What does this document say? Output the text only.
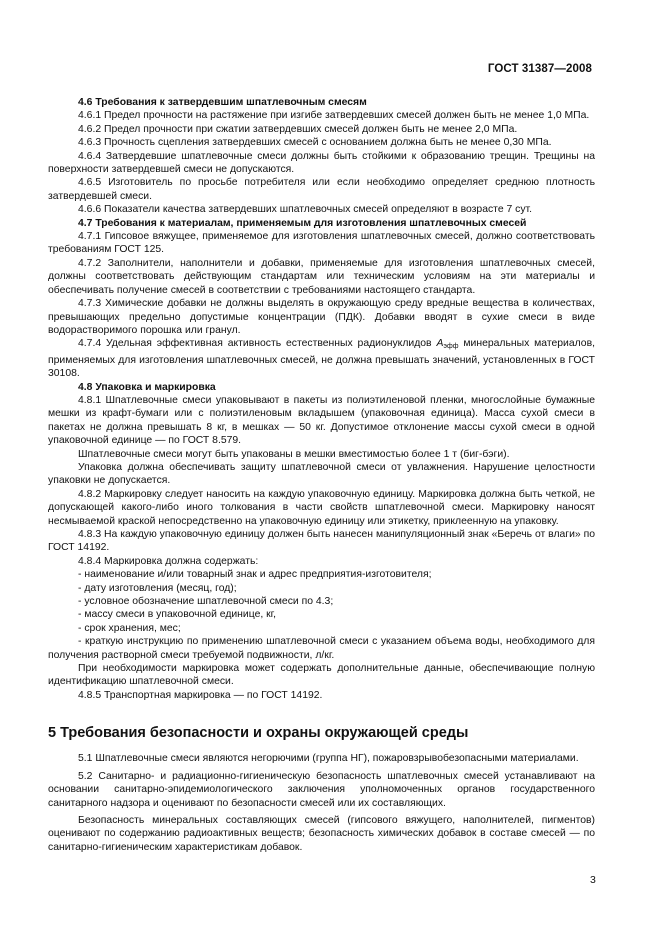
ГОСТ 31387—2008

4.6 Требования к затвердевшим шпатлевочным смесям

4.6.1 Предел прочности на растяжение при изгибе затвердевших смесей должен быть не менее 1,0 МПа.

4.6.2 Предел прочности при сжатии затвердевших смесей должен быть не менее 2,0 МПа.

4.6.3 Прочность сцепления затвердевших смесей с основанием должна быть не менее 0,30 МПа.

4.6.4 Затвердевшие шпатлевочные смеси должны быть стойкими к образованию трещин. Трещины на поверхности затвердевшей смеси не допускаются.

4.6.5 Изготовитель по просьбе потребителя или если необходимо определяет среднюю плотность затвердевшей смеси.

4.6.6 Показатели качества затвердевших шпатлевочных смесей определяют в возрасте 7 сут.

4.7 Требования к материалам, применяемым для изготовления шпатлевочных смесей

4.7.1 Гипсовое вяжущее, применяемое для изготовления шпатлевочных смесей, должно соответствовать требованиям ГОСТ 125.

4.7.2 Заполнители, наполнители и добавки, применяемые для изготовления шпатлевочных смесей, должны соответствовать действующим стандартам или техническим условиям на эти материалы и обеспечивать получение смесей в соответствии с требованиями настоящего стандарта.

4.7.3 Химические добавки не должны выделять в окружающую среду вредные вещества в количествах, превышающих предельно допустимые концентрации (ПДК). Добавки вводят в сухие смеси в виде водорастворимого порошка или гранул.

4.7.4 Удельная эффективная активность естественных радионуклидов $A_{эфф}$ минеральных материалов, применяемых для изготовления шпатлевочных смесей, не должна превышать значений, установленных в ГОСТ 30108.

4.8 Упаковка и маркировка

4.8.1 Шпатлевочные смеси упаковывают в пакеты из полиэтиленовой пленки, многослойные бумажные мешки из крафт-бумаги или с полиэтиленовым вкладышем (упаковочная единица). Масса сухой смеси в пакетах не должна превышать 8 кг, в мешках — 50 кг. Допустимое отклонение массы сухой смеси в одной упаковочной единице — по ГОСТ 8.579.

Шпатлевочные смеси могут быть упакованы в мешки вместимостью более 1 т (биг-бэги).

Упаковка должна обеспечивать защиту шпатлевочной смеси от увлажнения. Нарушение целостности упаковки не допускается.

4.8.2 Маркировку следует наносить на каждую упаковочную единицу. Маркировка должна быть четкой, не допускающей какого-либо иного толкования в части свойств шпатлевочной смеси. Маркировку наносят несмываемой краской непосредственно на упаковочную единицу или этикетку, приклеенную на упаковку.

4.8.3 На каждую упаковочную единицу должен быть нанесен манипуляционный знак «Беречь от влаги» по ГОСТ 14192.

4.8.4 Маркировка должна содержать:

- наименование и/или товарный знак и адрес предприятия-изготовителя;

- дату изготовления (месяц, год);

- условное обозначение шпатлевочной смеси по 4.3;

- массу смеси в упаковочной единице, кг,

- срок хранения, мес;

- краткую инструкцию по применению шпатлевочной смеси с указанием объема воды, необходимого для получения растворной смеси требуемой подвижности, л/кг.

При необходимости маркировка может содержать дополнительные данные, обеспечивающие полную идентификацию шпатлевочной смеси.

4.8.5 Транспортная маркировка — по ГОСТ 14192.

5 Требования безопасности и охраны окружающей среды

5.1 Шпатлевочные смеси являются негорючими (группа НГ), пожаровзрывобезопасными материалами.

5.2 Санитарно- и радиационно-гигиеническую безопасность шпатлевочных смесей устанавливают на основании санитарно-эпидемиологического заключения уполномоченных органов государственного санитарного надзора и оценивают по безопасности смесей или их составляющих.

Безопасность минеральных составляющих смесей (гипсового вяжущего, наполнителей, пигментов) оценивают по содержанию радиоактивных веществ; безопасность химических добавок в составе смесей — по санитарно-гигиеническим характеристикам добавок.

3
